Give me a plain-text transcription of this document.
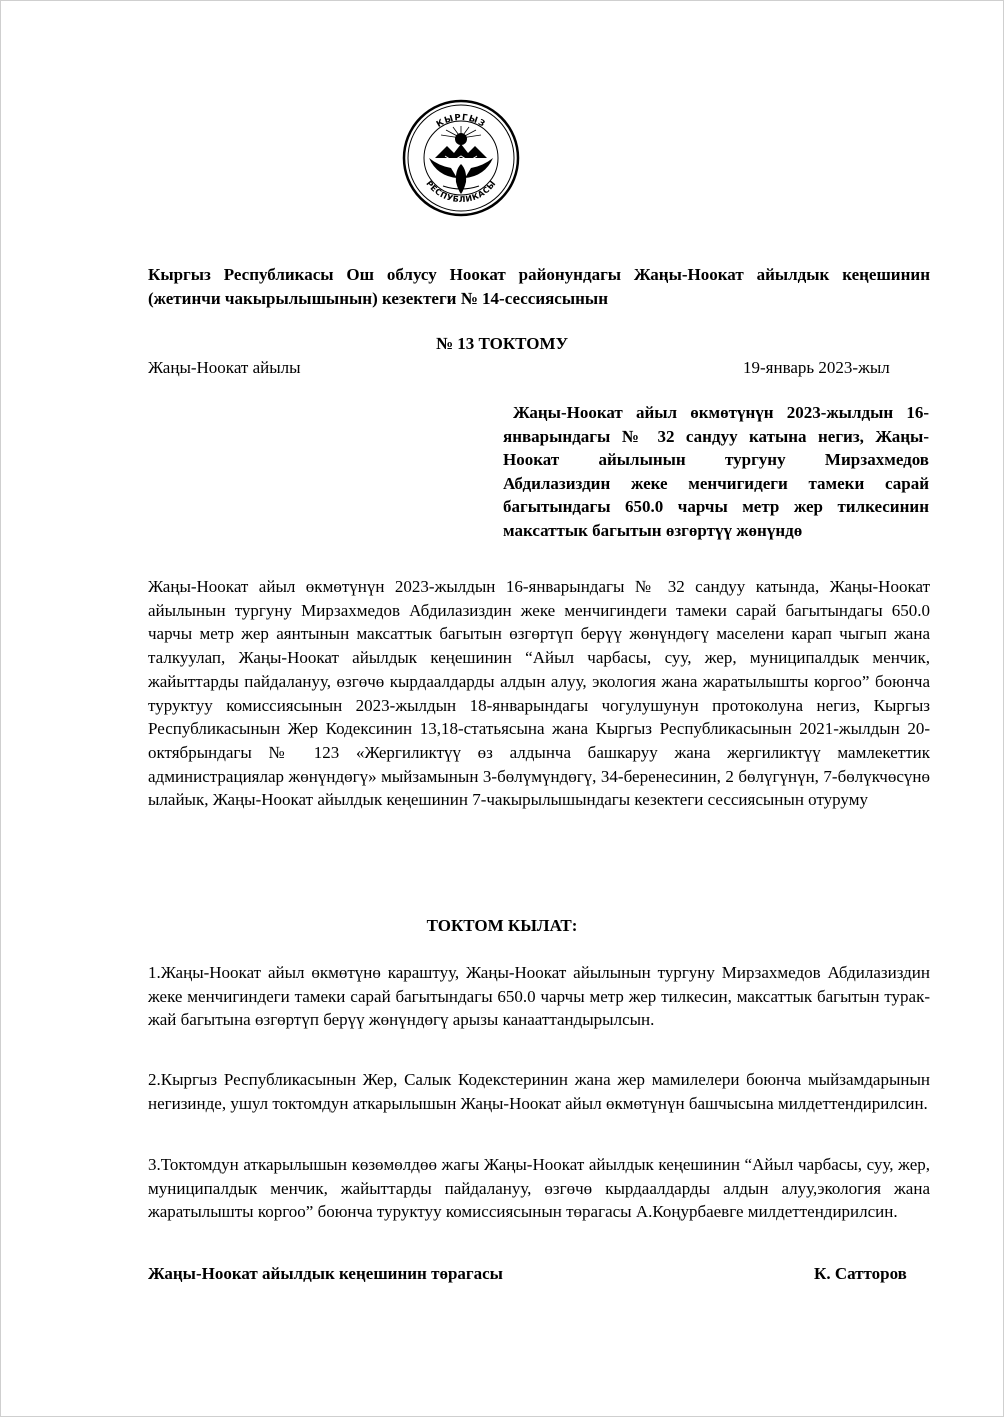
КЫРГЫЗ
РЕСПУБЛИКАСЫ
Кыргыз Республикасы Ош облусу Ноокат районундагы Жаңы-Ноокат айылдык кеңешинин (жетинчи чакырылышынын) кезектеги № 14-сессиясынын
№ 13 ТОКТОМУ
Жаңы-Ноокат айылы	19-январь 2023-жыл
Жаңы-Ноокат айыл өкмөтүнүн 2023-жылдын 16-январындагы № 32 сандуу катына негиз, Жаңы-Ноокат айылынын тургуну Мирзахмедов Абдилазиздин жеке менчигидеги тамеки сарай багытындагы 650.0 чарчы метр жер тилкесинин максаттык багытын өзгөртүү жөнүндө
Жаңы-Ноокат айыл өкмөтүнүн 2023-жылдын 16-январындагы № 32 сандуу катында, Жаңы-Ноокат айылынын тургуну Мирзахмедов Абдилазиздин жеке менчигиндеги тамеки сарай багытындагы 650.0 чарчы метр жер аянтынын максаттык багытын өзгөртүп берүү жөнүндөгү маселени карап чыгып жана талкуулап, Жаңы-Ноокат айылдык кеңешинин “Айыл чарбасы, суу, жер, муниципалдык менчик, жайыттарды пайдалануу, өзгөчө кырдаалдарды алдын алуу, экология жана жаратылышты коргоо” боюнча туруктуу комиссиясынын 2023-жылдын 18-январындагы чогулушунун протоколуна негиз, Кыргыз Республикасынын Жер Кодексинин 13,18-статьясына жана Кыргыз Республикасынын 2021-жылдын 20-октябрындагы № 123 «Жергиликтүү өз алдынча башкаруу жана жергиликтүү мамлекеттик администрациялар жөнүндөгү» мыйзамынын 3-бөлүмүндөгү, 34-беренесинин, 2 бөлүгүнүн, 7-бөлүкчөсүнө ылайык, Жаңы-Ноокат айылдык кеңешинин 7-чакырылышындагы кезектеги сессиясынын отуруму
ТОКТОМ КЫЛАТ:
1.Жаңы-Ноокат айыл өкмөтүнө караштуу, Жаңы-Ноокат айылынын тургуну Мирзахмедов Абдилазиздин жеке менчигиндеги тамеки сарай багытындагы 650.0 чарчы метр жер тилкесин, максаттык багытын турак-жай багытына өзгөртүп берүү жөнүндөгү арызы канааттандырылсын.
2.Кыргыз Республикасынын Жер, Салык Кодекстеринин жана жер мамилелери боюнча мыйзамдарынын негизинде, ушул токтомдун аткарылышын Жаңы-Ноокат айыл өкмөтүнүн башчысына милдеттендирилсин.
3.Токтомдун аткарылышын көзөмөлдөө жагы Жаңы-Ноокат айылдык кеңешинин “Айыл чарбасы, суу, жер, муниципалдык менчик, жайыттарды пайдалануу, өзгөчө кырдаалдарды алдын алуу,экология жана жаратылышты коргоо” боюнча туруктуу комиссиясынын төрагасы А.Коңурбаевге милдеттендирилсин.
Жаңы-Ноокат айылдык кеңешинин төрагасы	К. Сатторов
